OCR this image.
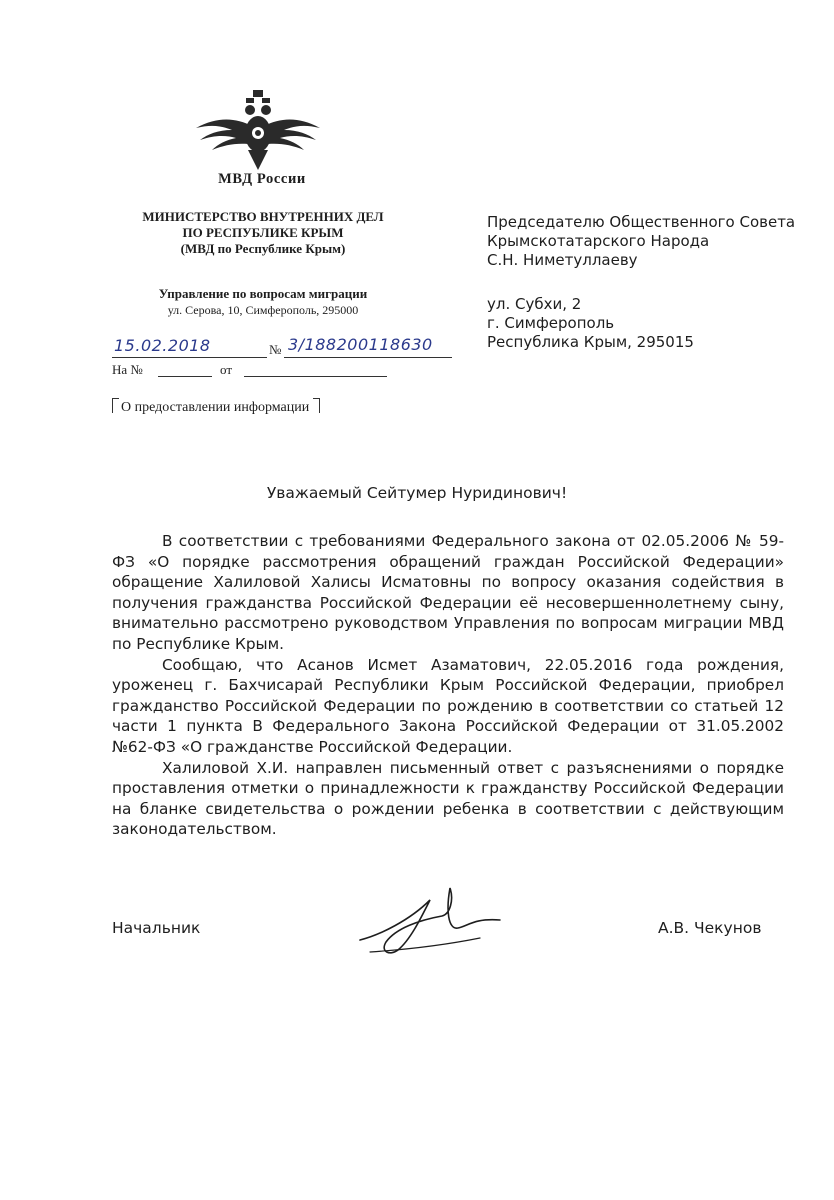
МВД России
МИНИСТЕРСТВО ВНУТРЕННИХ ДЕЛ
ПО РЕСПУБЛИКЕ КРЫМ
(МВД по Республике Крым)
Управление по вопросам миграции
ул. Серова, 10, Симферополь, 295000
15.02.2018	№ 3/188200118630
На №	от
О предоставлении информации
Председателю Общественного Совета
Крымскотатарского Народа
С.Н. Ниметуллаеву
ул. Субхи, 2
г. Симферополь
Республика Крым, 295015
Уважаемый Сейтумер Нуридинович!

В соответствии с требованиями Федерального закона от 02.05.2006 № 59-ФЗ «О порядке рассмотрения обращений граждан Российской Федерации» обращение Халиловой Халисы Исматовны по вопросу оказания содействия в получения гражданства Российской Федерации её несовершеннолетнему сыну, внимательно рассмотрено руководством Управления по вопросам миграции МВД по Республике Крым.

Сообщаю, что Асанов Исмет Азаматович, 22.05.2016 года рождения, уроженец г. Бахчисарай Республики Крым Российской Федерации, приобрел гражданство Российской Федерации по рождению в соответствии со статьей 12 части 1 пункта В Федерального Закона Российской Федерации от 31.05.2002 №62-ФЗ «О гражданстве Российской Федерации.

Халиловой Х.И. направлен письменный ответ с разъяснениями о порядке проставления отметки о принадлежности к гражданству Российской Федерации на бланке свидетельства о рождении ребенка в соответствии с действующим законодательством.

Начальник	А.В. Чекунов
